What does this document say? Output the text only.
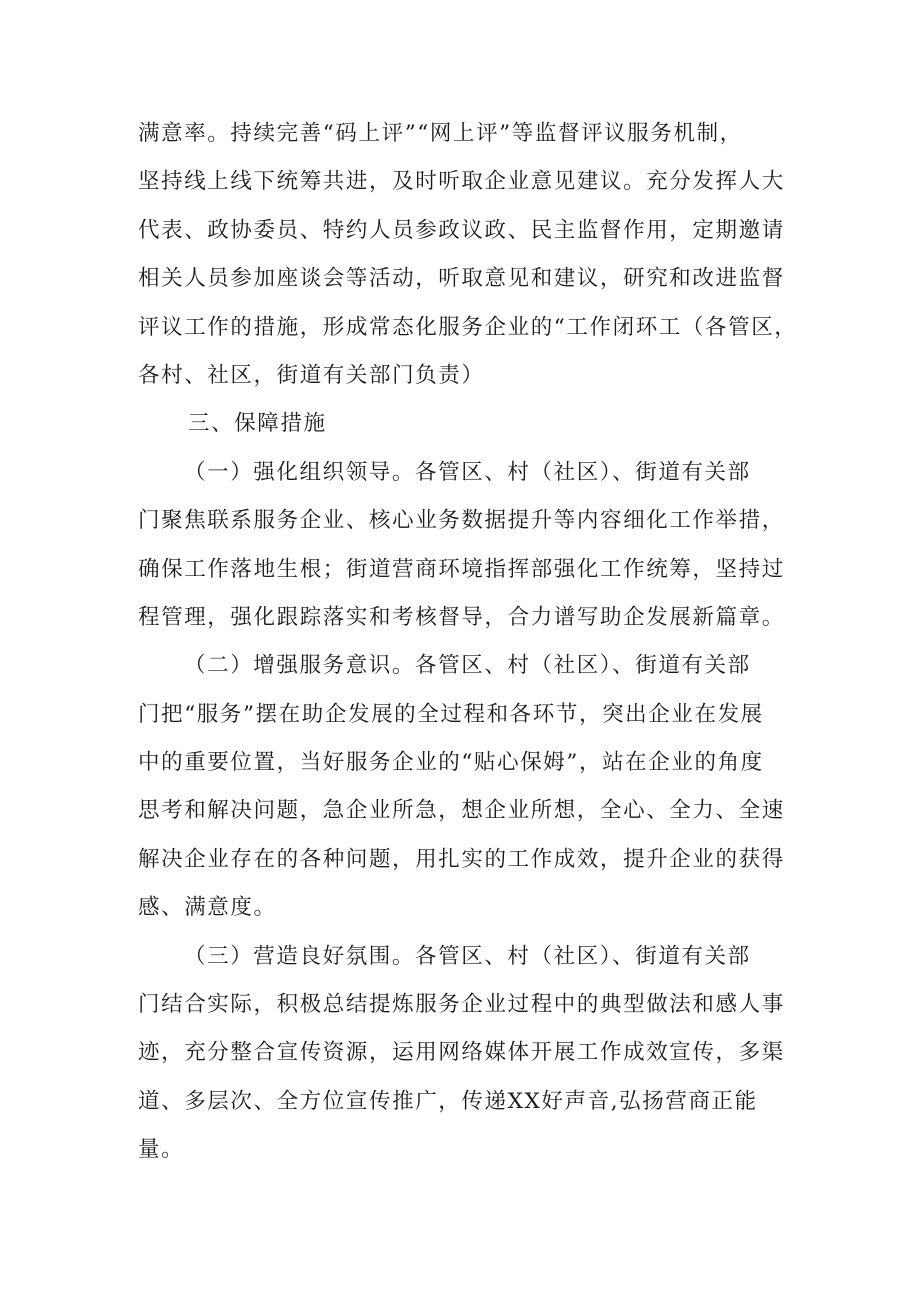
满意率。持续完善“码上评”“网上评”等监督评议服务机制，
坚持线上线下统筹共进，及时听取企业意见建议。充分发挥人大
代表、政协委员、特约人员参政议政、民主监督作用，定期邀请
相关人员参加座谈会等活动，听取意见和建议，研究和改进监督
评议工作的措施，形成常态化服务企业的“工作闭环工（各管区，
各村、社区，街道有关部门负责）
三、保障措施
（一）强化组织领导。各管区、村（社区）、街道有关部
门聚焦联系服务企业、核心业务数据提升等内容细化工作举措，
确保工作落地生根；街道营商环境指挥部强化工作统筹，坚持过
程管理，强化跟踪落实和考核督导，合力谱写助企发展新篇章。
（二）增强服务意识。各管区、村（社区）、街道有关部
门把“服务”摆在助企发展的全过程和各环节，突出企业在发展
中的重要位置，当好服务企业的“贴心保姆”，站在企业的角度
思考和解决问题，急企业所急，想企业所想，全心、全力、全速
解决企业存在的各种问题，用扎实的工作成效，提升企业的获得
感、满意度。
（三）营造良好氛围。各管区、村（社区）、街道有关部
门结合实际，积极总结提炼服务企业过程中的典型做法和感人事
迹，充分整合宣传资源，运用网络媒体开展工作成效宣传，多渠
道、多层次、全方位宣传推广，传递XX好声音,弘扬营商正能
量。
